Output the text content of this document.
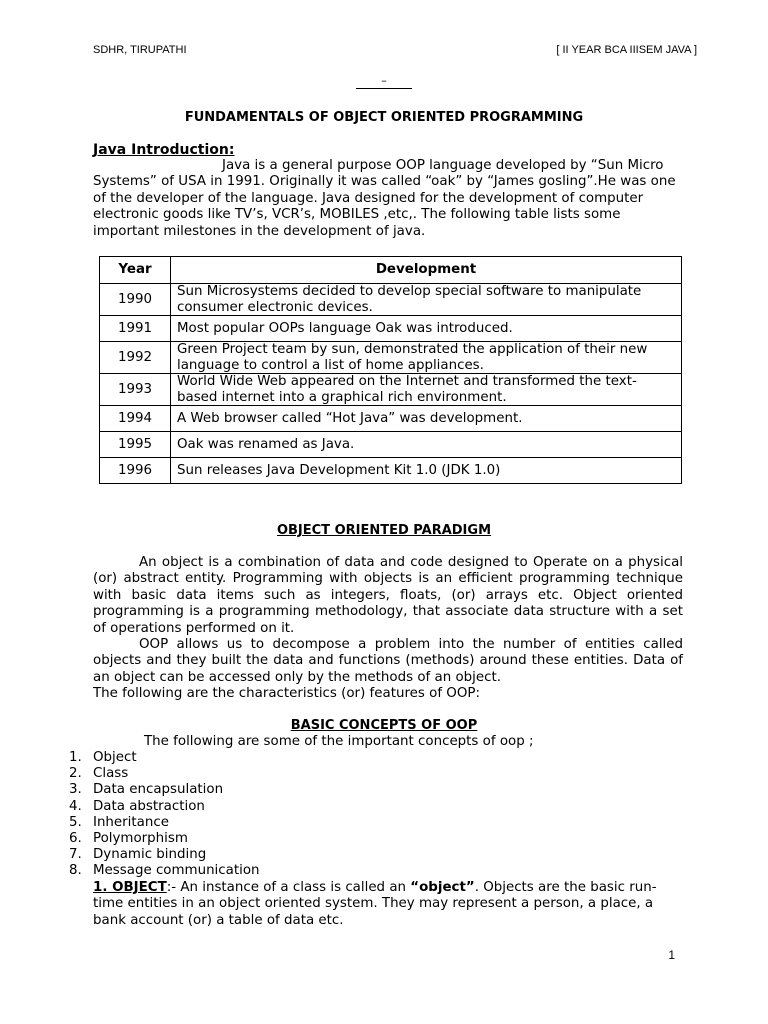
SDHR, TIRUPATHI	[ II YEAR BCA IIISEM JAVA ]
–
FUNDAMENTALS OF OBJECT ORIENTED PROGRAMMING
Java Introduction:
Java is a general purpose OOP language developed by “Sun Micro Systems” of USA in 1991. Originally it was called “oak” by “James gosling”.He was one of the developer of the language. Java designed for the development of computer electronic goods like TV’s, VCR’s, MOBILES ,etc,. The following table lists some important milestones in the development of java.
Year	Development
1990	Sun Microsystems decided to develop special software to manipulate consumer electronic devices.
1991	Most popular OOPs language Oak was introduced.
1992	Green Project team by sun, demonstrated the application of their new language to control a list of home appliances.
1993	World Wide Web appeared on the Internet and transformed the text-based internet into a graphical rich environment.
1994	A Web browser called “Hot Java” was development.
1995	Oak was renamed as Java.
1996	Sun releases Java Development Kit 1.0 (JDK 1.0)
OBJECT ORIENTED PARADIGM
An object is a combination of data and code designed to Operate on a physical (or) abstract entity. Programming with objects is an efficient programming technique with basic data items such as integers, floats, (or) arrays etc. Object oriented programming is a programming methodology, that associate data structure with a set of operations performed on it.
OOP allows us to decompose a problem into the number of entities called objects and they built the data and functions (methods) around these entities. Data of an object can be accessed only by the methods of an object.
The following are the characteristics (or) features of OOP:
BASIC CONCEPTS OF OOP
The following are some of the important concepts of oop ;
1. Object
2. Class
3. Data encapsulation
4. Data abstraction
5. Inheritance
6. Polymorphism
7. Dynamic binding
8. Message communication
1. OBJECT:- An instance of a class is called an “object”. Objects are the basic run-time entities in an object oriented system. They may represent a person, a place, a bank account (or) a table of data etc.
1
